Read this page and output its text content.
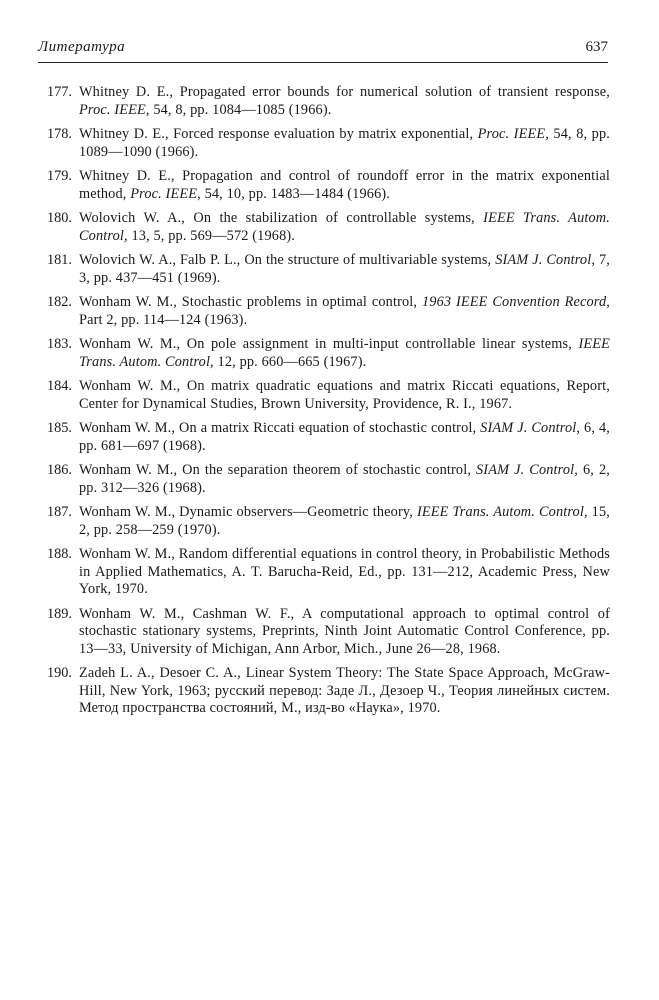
Литература	637
177. Whitney D. E., Propagated error bounds for numerical solution of transient response, Proc. IEEE, 54, 8, pp. 1084—1085 (1966).
178. Whitney D. E., Forced response evaluation by matrix exponential, Proc. IEEE, 54, 8, pp. 1089—1090 (1966).
179. Whitney D. E., Propagation and control of roundoff error in the matrix exponential method, Proc. IEEE, 54, 10, pp. 1483—1484 (1966).
180. Wolovich W. A., On the stabilization of controllable systems, IEEE Trans. Autom. Control, 13, 5, pp. 569—572 (1968).
181. Wolovich W. A., Falb P. L., On the structure of multivariable systems, SIAM J. Control, 7, 3, pp. 437—451 (1969).
182. Wonham W. M., Stochastic problems in optimal control, 1963 IEEE Convention Record, Part 2, pp. 114—124 (1963).
183. Wonham W. M., On pole assignment in multi-input controllable linear systems, IEEE Trans. Autom. Control, 12, pp. 660—665 (1967).
184. Wonham W. M., On matrix quadratic equations and matrix Riccati equations, Report, Center for Dynamical Studies, Brown University, Providence, R. I., 1967.
185. Wonham W. M., On a matrix Riccati equation of stochastic control, SIAM J. Control, 6, 4, pp. 681—697 (1968).
186. Wonham W. M., On the separation theorem of stochastic control, SIAM J. Control, 6, 2, pp. 312—326 (1968).
187. Wonham W. M., Dynamic observers—Geometric theory, IEEE Trans. Autom. Control, 15, 2, pp. 258—259 (1970).
188. Wonham W. M., Random differential equations in control theory, in Probabilistic Methods in Applied Mathematics, A. T. Barucha-Reid, Ed., pp. 131—212, Academic Press, New York, 1970.
189. Wonham W. M., Cashman W. F., A computational approach to optimal control of stochastic stationary systems, Preprints, Ninth Joint Automatic Control Conference, pp. 13—33, University of Michigan, Ann Arbor, Mich., June 26—28, 1968.
190. Zadeh L. A., Desoer C. A., Linear System Theory: The State Space Approach, McGraw-Hill, New York, 1963; русский перевод: Заде Л., Дезоер Ч., Теория линейных систем. Метод пространства состояний, М., изд-во «Наука», 1970.
